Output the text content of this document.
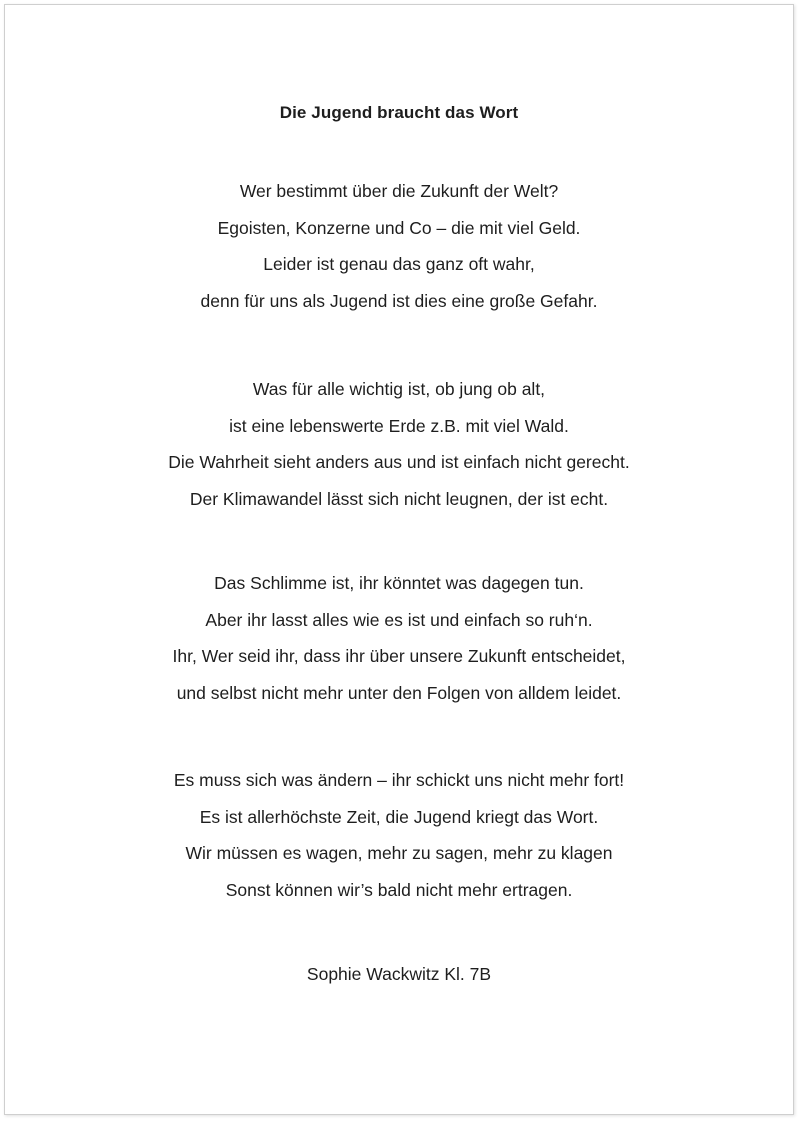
Die Jugend braucht das Wort
Wer bestimmt über die Zukunft der Welt?
Egoisten, Konzerne und Co – die mit viel Geld.
Leider ist genau das ganz oft wahr,
denn für uns als Jugend ist dies eine große Gefahr.
Was für alle wichtig ist, ob jung ob alt,
ist eine lebenswerte Erde z.B. mit viel Wald.
Die Wahrheit sieht anders aus und ist einfach nicht gerecht.
Der Klimawandel lässt sich nicht leugnen, der ist echt.
Das Schlimme ist, ihr könntet was dagegen tun.
Aber ihr lasst alles wie es ist und einfach so ruh‘n.
Ihr, Wer seid ihr, dass ihr über unsere Zukunft entscheidet,
und selbst nicht mehr unter den Folgen von alldem leidet.
Es muss sich was ändern – ihr schickt uns nicht mehr fort!
Es ist allerhöchste Zeit, die Jugend kriegt das Wort.
Wir müssen es wagen, mehr zu sagen, mehr zu klagen
Sonst können wir’s bald nicht mehr ertragen.
Sophie Wackwitz Kl. 7B
